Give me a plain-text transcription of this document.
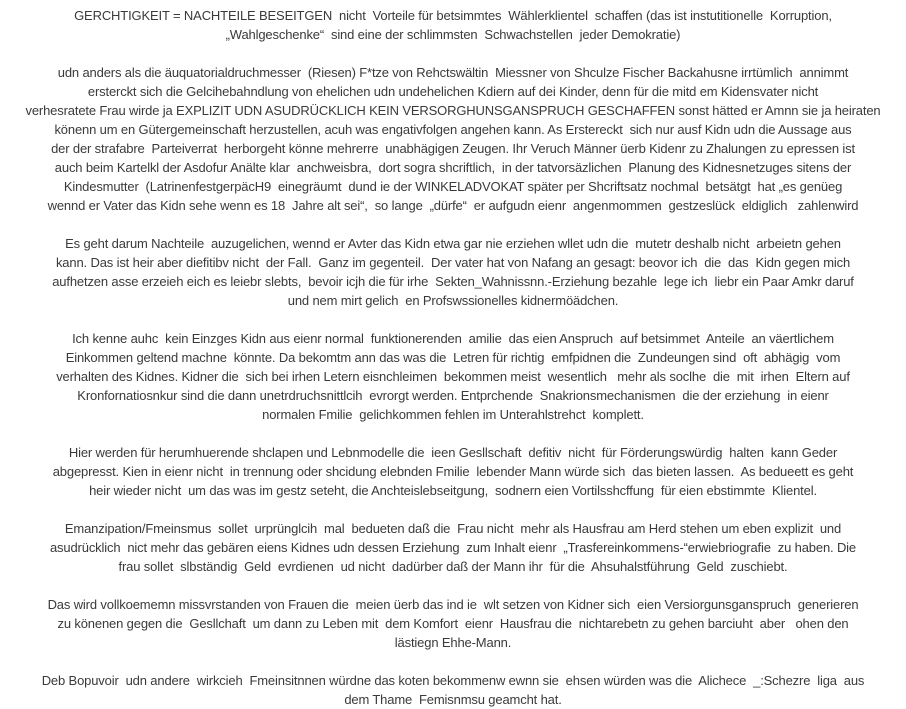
GERCHTIGKEIT = NACHTEILE BESEITGEN  nicht  Vorteile für betsimmtes  Wählerklientel  schaffen (das ist instutitionelle  Korruption,
„Wahlgeschenke“  sind eine der schlimmsten  Schwachstellen  jeder Demokratie)
udn anders als die äuquatorialdruchmesser  (Riesen) F*tze von Rehctswältin  Miessner von Shculze Fischer Backahusne irrtümlich  annimmt
ersterckt sich die Gelcihebahndlung von ehelichen udn undehelichen Kdiern auf dei Kinder, denn für die mitd em Kidensvater nicht
verhesratete Frau wirde ja EXPLIZIT UDN ASUDRÜCKLICH KEIN VERSORGHUNSGANSPRUCH GESCHAFFEN sonst hätted er Amnn sie ja heiraten
könenn um en Gütergemeinschaft herzustellen, acuh was engativfolgen angehen kann. As Erstereckt  sich nur ausf Kidn udn die Aussage aus
der der strafabre  Parteiverrat  herborgeht könne mehrerre  unabhägigen Zeugen. Ihr Veruch Männer üerb Kidenr zu Zhalungen zu epressen ist
auch beim Kartelkl der Asdofur Anälte klar  anchweisbra,  dort sogra shcriftlich,  in der tatvorsäzlichen  Planung des Kidnesnetzuges sitens der
Kindesmutter  (LatrinenfestgerpäcH9  einegräumt  dund ie der WINKELADVOKAT später per Shcriftsatz nochmal  betsätgt  hat „es genüeg
wennd er Vater das Kidn sehe wenn es 18  Jahre alt sei“,  so lange  „dürfe“  er aufgudn eienr  angenmommen  gestzeslück  eldiglich   zahlenwird
Es geht darum Nachteile  auzugelichen, wennd er Avter das Kidn etwa gar nie erziehen wllet udn die  mutetr deshalb nicht  arbeietn gehen
kann. Das ist heir aber diefitibv nicht  der Fall.  Ganz im gegenteil.  Der vater hat von Nafang an gesagt: beovor ich  die  das  Kidn gegen mich
aufhetzen asse erzeieh eich es leiebr slebts,  bevoir icjh die für irhe  Sekten_Wahnissnn.-Erziehung bezahle  lege ich  liebr ein Paar Amkr daruf
und nem mirt gelich  en Profswssionelles kidnermöädchen.
Ich kenne auhc  kein Einzges Kidn aus eienr normal  funktionerenden  amilie  das eien Anspruch  auf betsimmet  Anteile  an väertlichem
Einkommen geltend machne  könnte. Da bekomtm ann das was die  Letren für richtig  emfpidnen die  Zundeungen sind  oft  abhägig  vom
verhalten des Kidnes. Kidner die  sich bei irhen Letern eisnchleimen  bekommen meist  wesentlich   mehr als soclhe  die  mit  irhen  Eltern auf
Kronfornatiosnkur sind die dann unetrdruchsnittlcih  evrorgt werden. Entprchende  Snakrionsmechanismen  die der erziehung  in eienr
normalen Fmilie  gelichkommen fehlen im Unterahlstrehct  komplett.
Hier werden für herumhuerende shclapen und Lebnmodelle die  ieen Gesllschaft  defitiv  nicht  für Förderungswürdig  halten  kann Geder
abgepresst. Kien in eienr nicht  in trennung oder shcidung elebnden Fmilie  lebender Mann würde sich  das bieten lassen.  As bedueett es geht
heir wieder nicht  um das was im gestz seteht, die Anchteislebseitgung,  sodnern eien Vortilsshcffung  für eien ebstimmte  Klientel.
Emanzipation/Fmeinsmus  sollet  urprünglcih  mal  bedueten daß die  Frau nicht  mehr als Hausfrau am Herd stehen um eben explizit  und
asudrücklich  nict mehr das gebären eiens Kidnes udn dessen Erziehung  zum Inhalt eienr  „Trasfereinkommens-“erwiebriografie  zu haben. Die
frau sollet  slbständig  Geld  evrdienen  ud nicht  dadürber daß der Mann ihr  für die  Ahsuhalstführung  Geld  zuschiebt.
Das wird vollkoememn missvrstanden von Frauen die  meien üerb das ind ie  wlt setzen von Kidner sich  eien Versiorgunsganspruch  generieren
zu könenen gegen die  Gesllchaft  um dann zu Leben mit  dem Komfort  eienr  Hausfrau die  nichtarebetn zu gehen barciuht  aber   ohen den
lästiegn Ehhe-Mann.
Deb Bopuvoir  udn andere  wirkcieh  Fmeinsitnnen würdne das koten bekommenw ewnn sie  ehsen würden was die  Alichece  _:Schezre  liga  aus
dem Thame  Femisnmsu geamcht hat.
